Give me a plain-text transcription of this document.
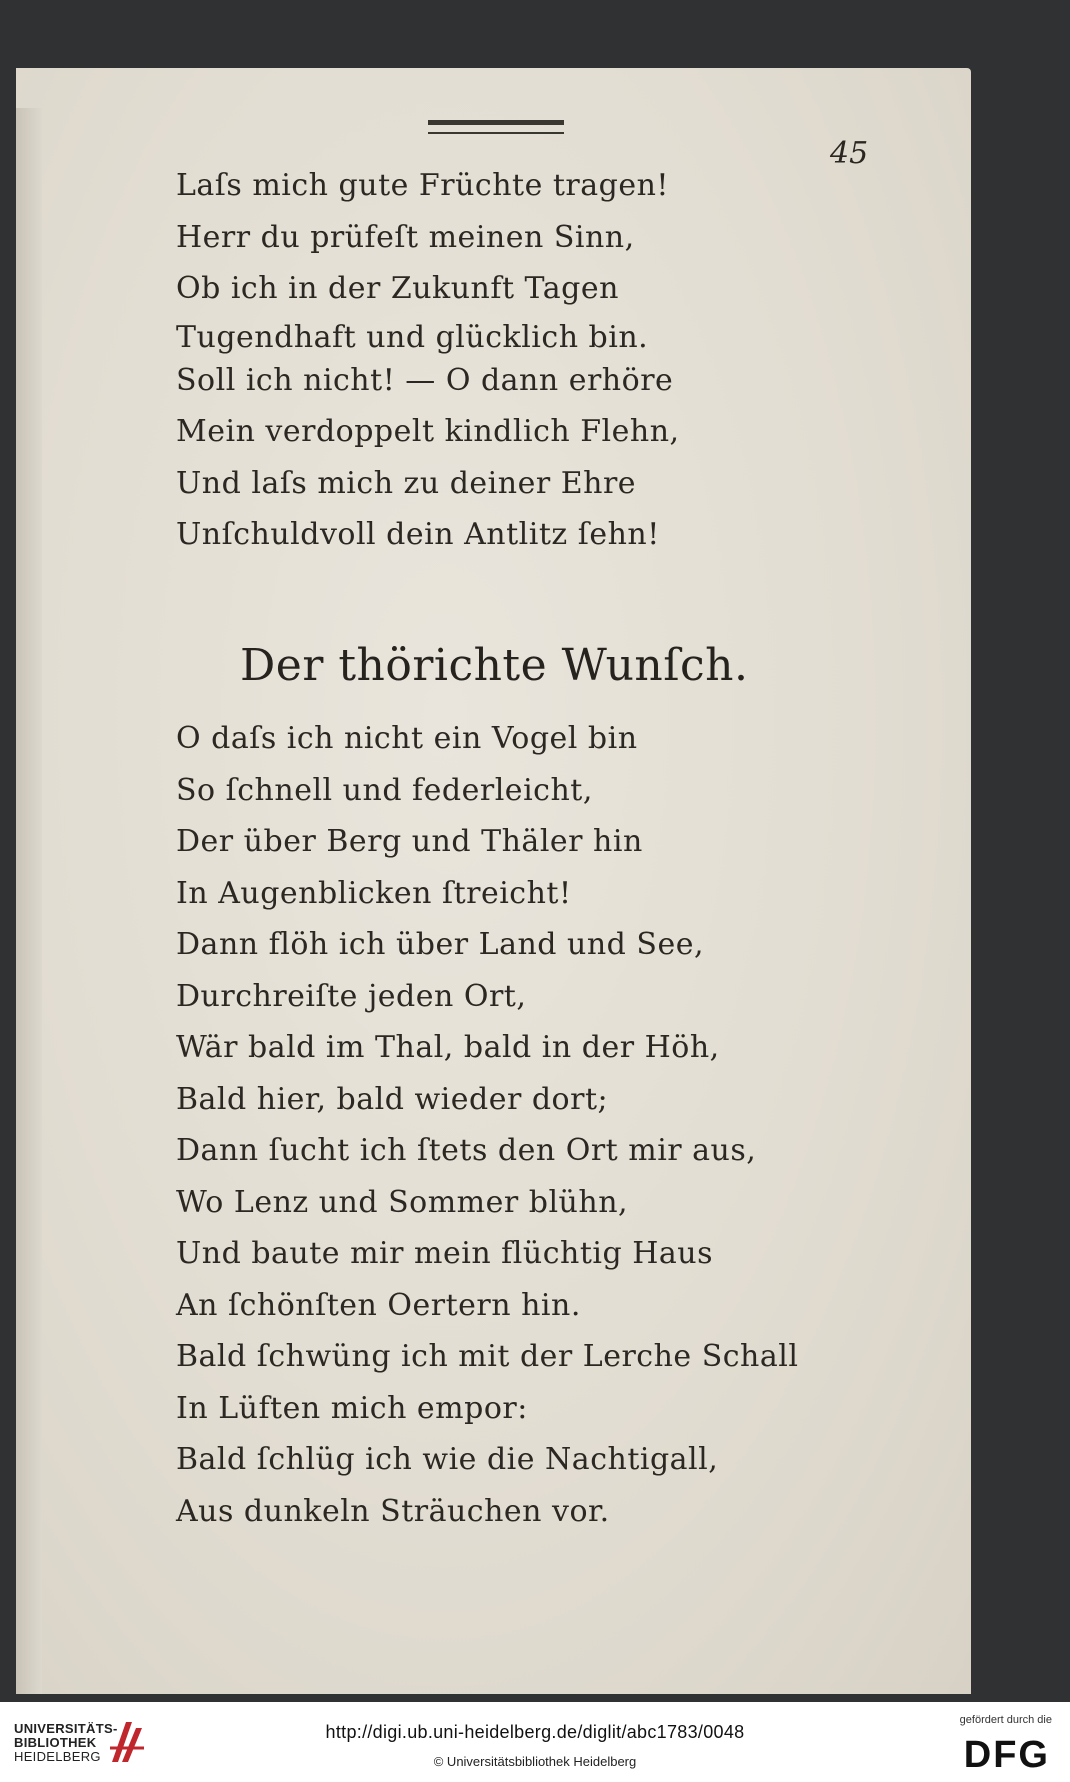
45
Laſs mich gute Früchte tragen!
Herr du prüfeſt meinen Sinn,
Ob ich in der Zukunft Tagen
Tugendhaft und glücklich bin.
Soll ich nicht! — O dann erhöre
Mein verdoppelt kindlich Flehn,
Und laſs mich zu deiner Ehre
Unſchuldvoll dein Antlitz ſehn!
Der thörichte Wunſch.
O daſs ich nicht ein Vogel bin
So ſchnell und federleicht,
Der über Berg und Thäler hin
In Augenblicken ſtreicht!
Dann flöh ich über Land und See,
Durchreiſte jeden Ort,
Wär bald im Thal, bald in der Höh,
Bald hier, bald wieder dort;
Dann ſucht ich ſtets den Ort mir aus,
Wo Lenz und Sommer blühn,
Und baute mir mein flüchtig Haus
An ſchönſten Oertern hin.
Bald ſchwüng ich mit der Lerche Schall
In Lüften mich empor:
Bald ſchlüg ich wie die Nachtigall,
Aus dunkeln Sträuchen vor.
UNIVERSITÄTS-
BIBLIOTHEK
HEIDELBERG
http://digi.ub.uni-heidelberg.de/diglit/abc1783/0048
© Universitätsbibliothek Heidelberg
gefördert durch die
DFG
